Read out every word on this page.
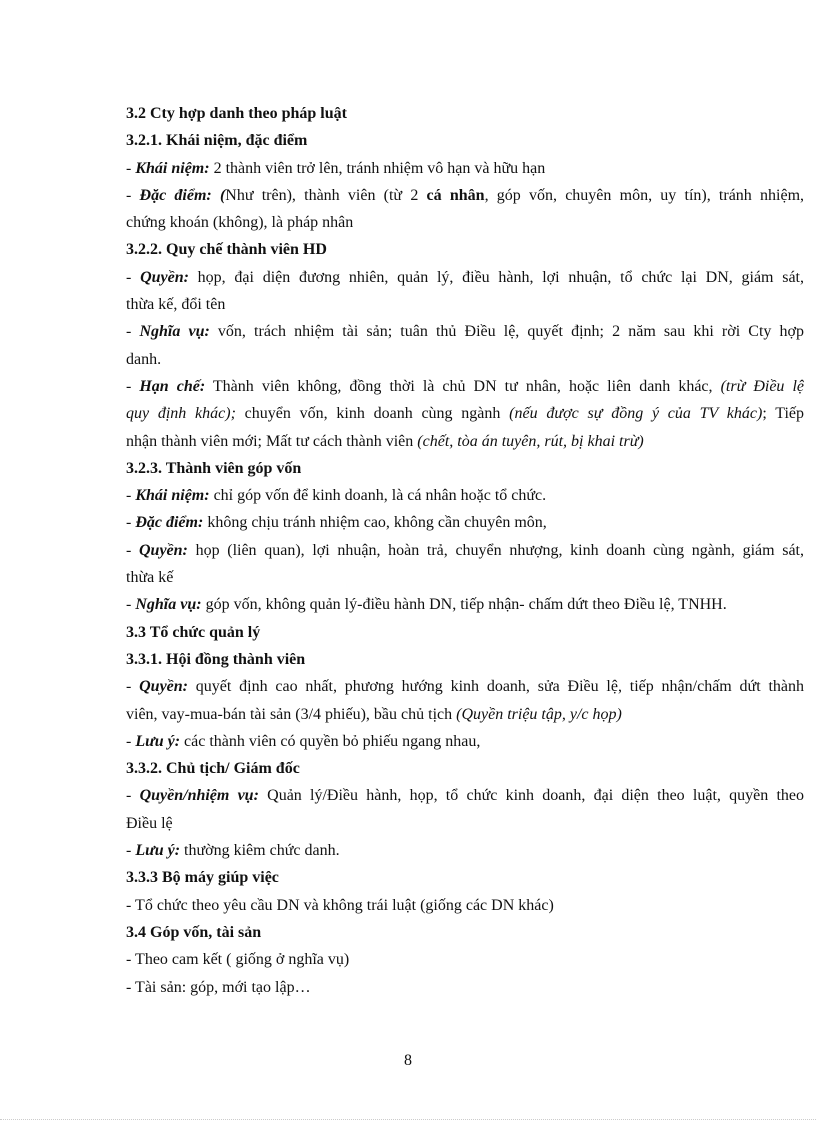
3.2 Cty hợp danh theo pháp luật
3.2.1. Khái niệm, đặc điểm
- Khái niệm: 2 thành viên trở lên, tránh nhiệm vô hạn và hữu hạn
- Đặc điểm: (Như trên), thành viên (từ 2 cá nhân, góp vốn, chuyên môn, uy tín), tránh nhiệm,
chứng khoán (không), là pháp nhân
3.2.2. Quy chế thành viên HD
- Quyền: họp, đại diện đương nhiên, quản lý, điều hành, lợi nhuận, tổ chức lại DN, giám sát,
thừa kế, đổi tên
- Nghĩa vụ: vốn, trách nhiệm tài sản; tuân thủ Điều lệ, quyết định; 2 năm sau khi rời Cty hợp
danh.
- Hạn chế: Thành viên không, đồng thời là chủ DN tư nhân, hoặc liên danh khác, (trừ Điều lệ
quy định khác); chuyển vốn, kinh doanh cùng ngành (nếu được sự đồng ý của TV khác); Tiếp
nhận thành viên mới; Mất tư cách thành viên (chết, tòa án tuyên, rút, bị khai trừ)
3.2.3. Thành viên góp vốn
- Khái niệm: chỉ góp vốn để kinh doanh, là cá nhân hoặc tổ chức.
- Đặc điểm: không chịu tránh nhiệm cao, không cần chuyên môn,
- Quyền: họp (liên quan), lợi nhuận, hoàn trả, chuyển nhượng, kinh doanh cùng ngành, giám sát,
thừa kế
- Nghĩa vụ: góp vốn, không quản lý-điều hành DN, tiếp nhận- chấm dứt theo Điều lệ, TNHH.
3.3 Tổ chức quản lý
3.3.1. Hội đồng thành viên
- Quyền: quyết định cao nhất, phương hướng kinh doanh, sửa Điều lệ, tiếp nhận/chấm dứt thành
viên, vay-mua-bán tài sản (3/4 phiếu), bầu chủ tịch (Quyền triệu tập, y/c họp)
- Lưu ý: các thành viên có quyền bỏ phiếu ngang nhau,
3.3.2. Chủ tịch/ Giám đốc
- Quyền/nhiệm vụ: Quản lý/Điều hành, họp, tổ chức kinh doanh, đại diện theo luật, quyền theo
Điều lệ
- Lưu ý: thường kiêm chức danh.
3.3.3 Bộ máy giúp việc
- Tổ chức theo yêu cầu DN và không trái luật (giống các DN khác)
3.4 Góp vốn, tài sản
- Theo cam kết ( giống ở nghĩa vụ)
- Tài sản: góp, mới tạo lập…
8
